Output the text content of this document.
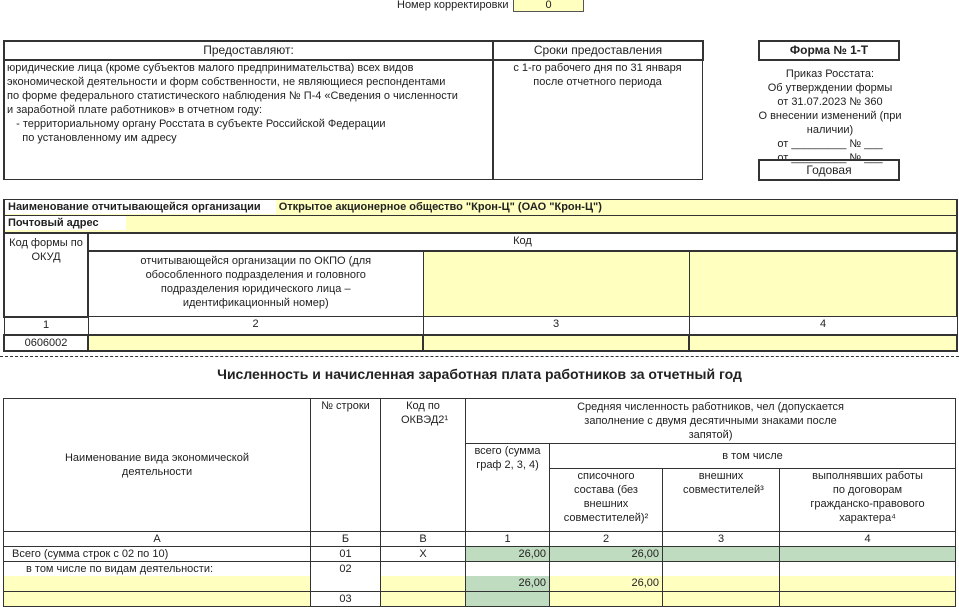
Номер корректировки	0
Предоставляют:
юридические лица (кроме субъектов малого предпринимательства) всех видов
экономической деятельности и форм собственности, не являющиеся респондентами
по форме федерального статистического наблюдения № П-4 «Сведения о численности
и заработной плате работников» в отчетном году:
- территориальному органу Росстата в субъекте Российской Федерации
по установленному им адресу
Сроки предоставления
с 1-го рабочего дня по 31 января
после отчетного периода
Форма № 1-Т
Приказ Росстата:
Об утверждении формы
от 31.07.2023 № 360
О внесении изменений (при наличии)
от _________ № ___
от _________ № ___
Годовая
Наименование отчитывающейся организации Открытое акционерное общество "Крон-Ц" (ОАО "Крон-Ц")			
Почтовый адрес			
Код формы по ОКУД	Код		
	отчитывающейся организации по ОКПО (для обособленного подразделения и головного подразделения юридического лица – идентификационный номер)		
1	2	3	4
0606002			
Численность и начисленная заработная плата работников за отчетный год
Наименование вида экономической деятельности	№ строки	Код по ОКВЭД2¹	Средняя численность работников, чел (допускается заполнение с двумя десятичными знаками после запятой)			
			всего (сумма граф 2, 3, 4)	в том числе		
				списочного состава (без внешних совместителей)²	внешних совместителей³	выполнявших работы по договорам гражданско-правового характера⁴
А	Б	В	1	2	3	4
Всего (сумма строк с 02 по 10)	01	X	26,00	26,00		
в том числе по видам деятельности:	02					
			26,00	26,00		
	03					
